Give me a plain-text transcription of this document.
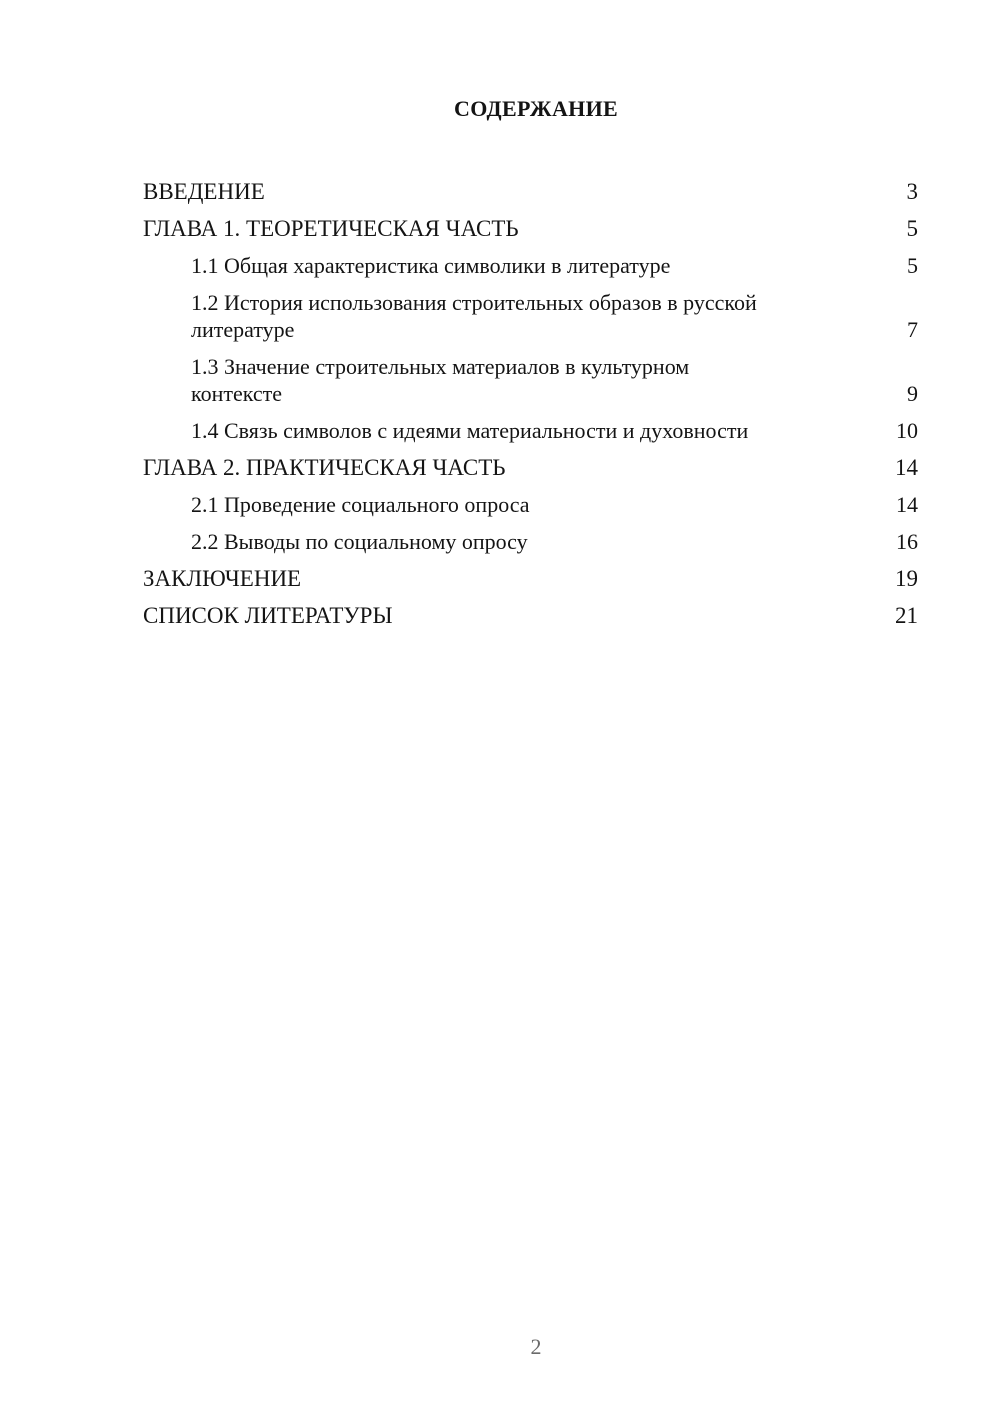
СОДЕРЖАНИЕ
ВВЕДЕНИЕ	3
ГЛАВА 1. ТЕОРЕТИЧЕСКАЯ ЧАСТЬ	5
1.1 Общая характеристика символики в литературе	5
1.2 История использования строительных образов в русской литературе	7
1.3 Значение строительных материалов в культурном контексте	9
1.4 Связь символов с идеями материальности и духовности	10
ГЛАВА 2. ПРАКТИЧЕСКАЯ ЧАСТЬ	14
2.1 Проведение социального опроса	14
2.2 Выводы по социальному опросу	16
ЗАКЛЮЧЕНИЕ	19
СПИСОК ЛИТЕРАТУРЫ	21
2
